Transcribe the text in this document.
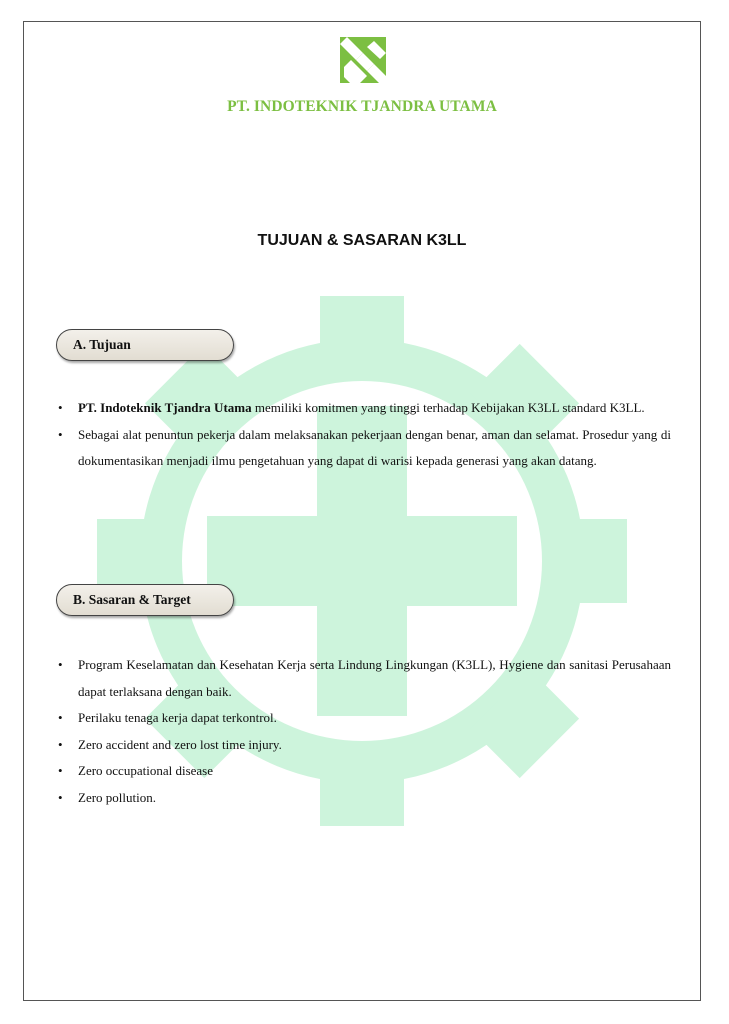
PT. INDOTEKNIK TJANDRA UTAMA
TUJUAN & SASARAN K3LL
A. Tujuan
• PT. Indoteknik Tjandra Utama memiliki komitmen yang tinggi terhadap Kebijakan K3LL standard K3LL.
• Sebagai alat penuntun pekerja dalam melaksanakan pekerjaan dengan benar, aman dan selamat. Prosedur yang di dokumentasikan menjadi ilmu pengetahuan yang dapat di warisi kepada generasi yang akan datang.
B. Sasaran & Target
• Program Keselamatan dan Kesehatan Kerja serta Lindung Lingkungan (K3LL), Hygiene dan sanitasi Perusahaan dapat terlaksana dengan baik.
• Perilaku tenaga kerja dapat terkontrol.
• Zero accident and zero lost time injury.
• Zero occupational disease
• Zero pollution.
